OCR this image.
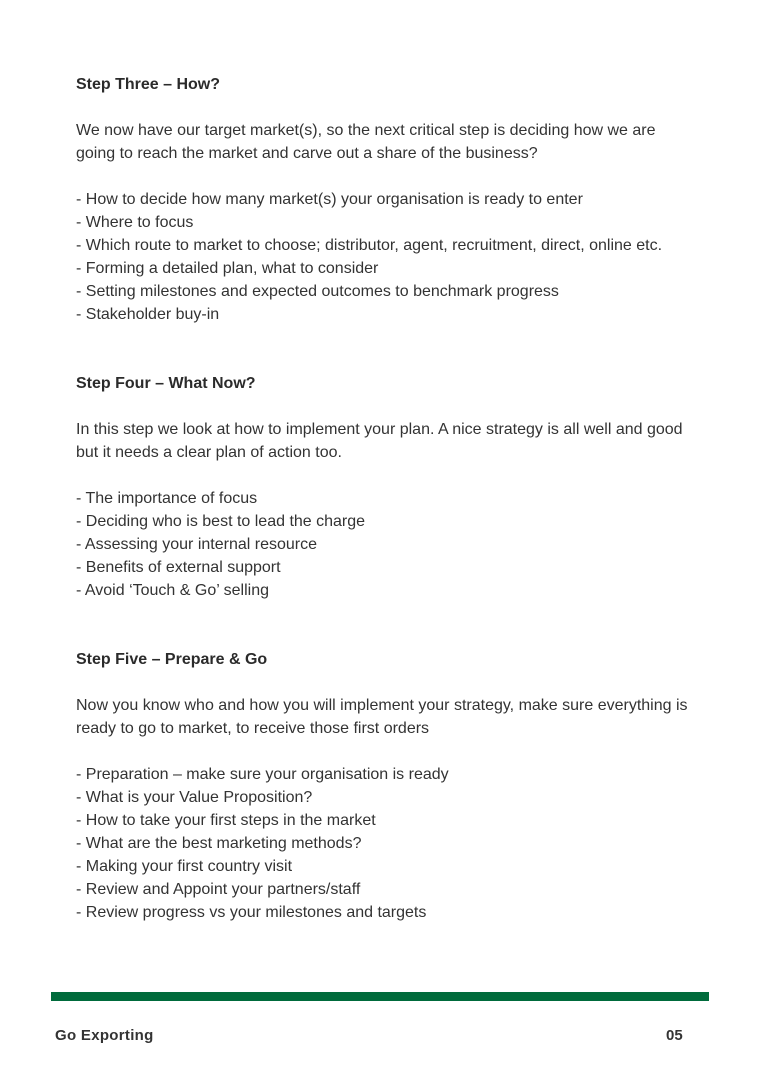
Step Three – How?

We now have our target market(s), so the next critical step is deciding how we are going to reach the market and carve out a share of the business?

- How to decide how many market(s) your organisation is ready to enter
- Where to focus
- Which route to market to choose; distributor, agent, recruitment, direct, online etc.
- Forming a detailed plan, what to consider
- Setting milestones and expected outcomes to benchmark progress
- Stakeholder buy-in

Step Four – What Now?

In this step we look at how to implement your plan. A nice strategy is all well and good but it needs a clear plan of action too.

- The importance of focus
- Deciding who is best to lead the charge
- Assessing your internal resource
- Benefits of external support
- Avoid ‘Touch & Go’ selling

Step Five – Prepare & Go

Now you know who and how you will implement your strategy, make sure everything is ready to go to market, to receive those first orders

- Preparation – make sure your organisation is ready
- What is your Value Proposition?
- How to take your first steps in the market
- What are the best marketing methods?
- Making your first country visit
- Review and Appoint your partners/staff
- Review progress vs your milestones and targets
Go Exporting	05
